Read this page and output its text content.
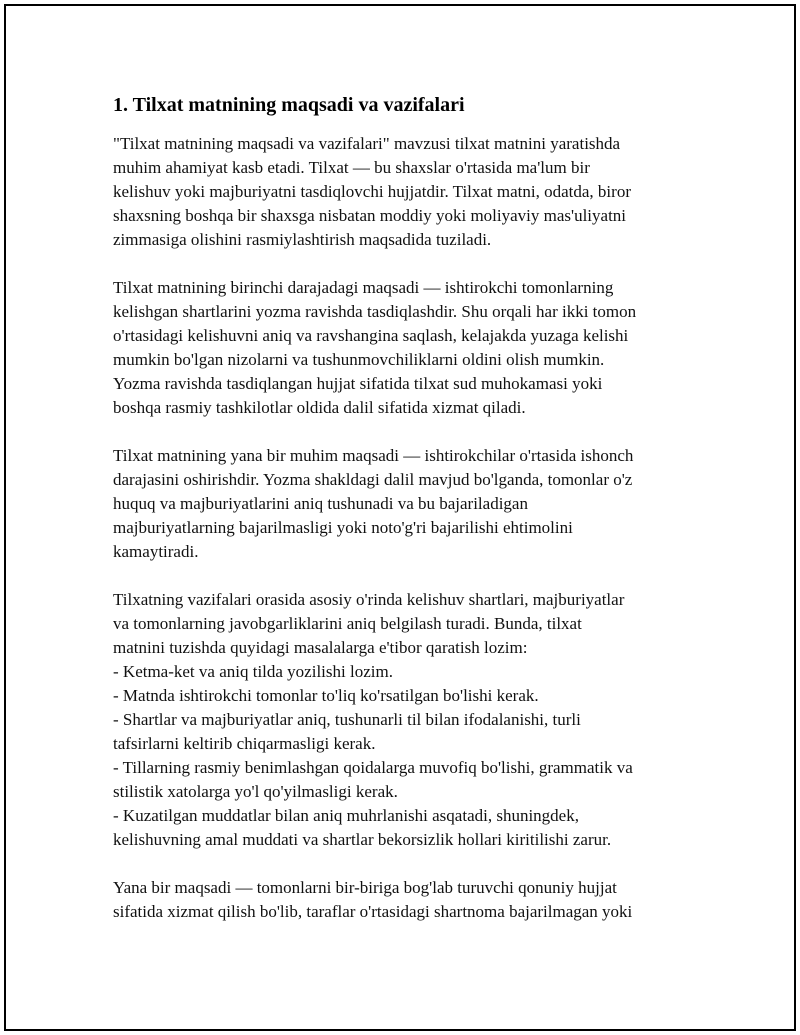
1. Tilxat matnining maqsadi va vazifalari

"Tilxat matnining maqsadi va vazifalari" mavzusi tilxat matnini yaratishda
muhim ahamiyat kasb etadi. Tilxat — bu shaxslar o'rtasida ma'lum bir
kelishuv yoki majburiyatni tasdiqlovchi hujjatdir. Tilxat matni, odatda, biror
shaxsning boshqa bir shaxsga nisbatan moddiy yoki moliyaviy mas'uliyatni
zimmasiga olishini rasmiylashtirish maqsadida tuziladi.

Tilxat matnining birinchi darajadagi maqsadi — ishtirokchi tomonlarning
kelishgan shartlarini yozma ravishda tasdiqlashdir. Shu orqali har ikki tomon
o'rtasidagi kelishuvni aniq va ravshangina saqlash, kelajakda yuzaga kelishi
mumkin bo'lgan nizolarni va tushunmovchiliklarni oldini olish mumkin.
Yozma ravishda tasdiqlangan hujjat sifatida tilxat sud muhokamasi yoki
boshqa rasmiy tashkilotlar oldida dalil sifatida xizmat qiladi.

Tilxat matnining yana bir muhim maqsadi — ishtirokchilar o'rtasida ishonch
darajasini oshirishdir. Yozma shakldagi dalil mavjud bo'lganda, tomonlar o'z
huquq va majburiyatlarini aniq tushunadi va bu bajariladigan
majburiyatlarning bajarilmasligi yoki noto'g'ri bajarilishi ehtimolini
kamaytiradi.

Tilxatning vazifalari orasida asosiy o'rinda kelishuv shartlari, majburiyatlar
va tomonlarning javobgarliklarini aniq belgilash turadi. Bunda, tilxat
matnini tuzishda quyidagi masalalarga e'tibor qaratish lozim:
- Ketma-ket va aniq tilda yozilishi lozim.
- Matnda ishtirokchi tomonlar to'liq ko'rsatilgan bo'lishi kerak.
- Shartlar va majburiyatlar aniq, tushunarli til bilan ifodalanishi, turli
tafsirlarni keltirib chiqarmasligi kerak.
- Tillarning rasmiy benimlashgan qoidalarga muvofiq bo'lishi, grammatik va
stilistik xatolarga yo'l qo'yilmasligi kerak.
- Kuzatilgan muddatlar bilan aniq muhrlanishi asqatadi, shuningdek,
kelishuvning amal muddati va shartlar bekorsizlik hollari kiritilishi zarur.

Yana bir maqsadi — tomonlarni bir-biriga bog'lab turuvchi qonuniy hujjat
sifatida xizmat qilish bo'lib, taraflar o'rtasidagi shartnoma bajarilmagan yoki
